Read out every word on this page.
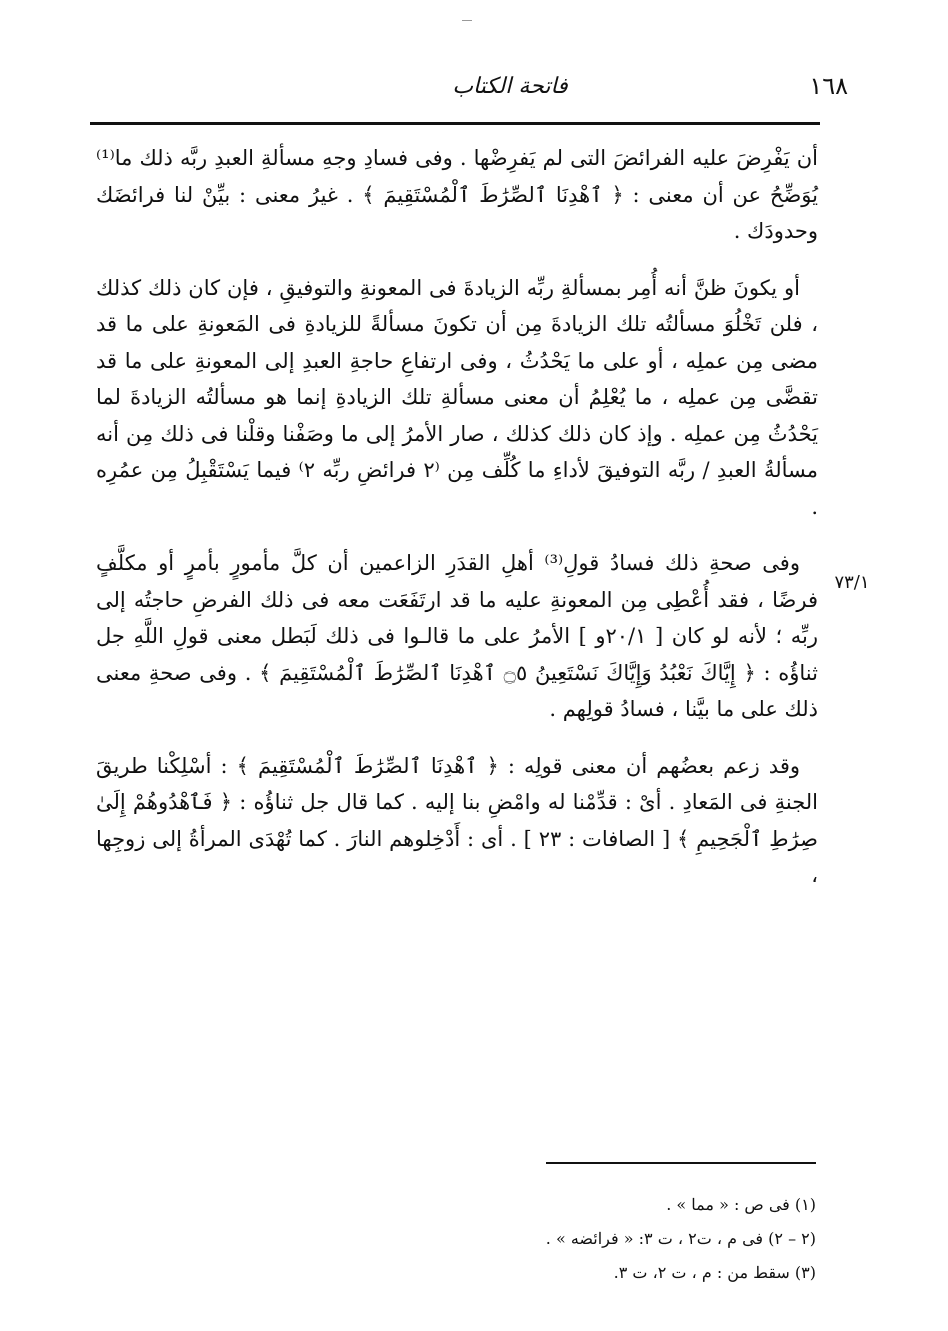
١٦٨
فاتحة الكتاب

أن يَفْرِضَ عليه الفرائضَ التى لم يَفرِضْها . وفى فسادِ وجهِ مسألةِ العبدِ ربَّه ذلك ما⁽¹⁾ يُوَضِّحُ عن أن معنى : ﴿ ٱهْدِنَا ٱلصِّرَٰطَ ٱلْمُسْتَقِيمَ ﴾ . غيرُ معنى : بيِّنْ لنا فرائضَك وحدودَك .

أو يكونَ ظنَّ أنه أُمِر بمسألةِ ربِّه الزيادةَ فى المعونةِ والتوفيقِ ، فإن كان ذلك كذلك ، فلن تَخْلُوَ مسألتُه تلك الزيادةَ مِن أن تكونَ مسألةً للزيادةِ فى المَعونةِ على ما قد مضى مِن عملِه ، أو على ما يَحْدُثُ ، وفى ارتفاعِ حاجةِ العبدِ إلى المعونةِ على ما قد تقضَّى مِن عملِه ، ما يُعْلِمُ أن معنى مسألةِ تلك الزيادةِ إنما هو مسألتُه الزيادةَ لما يَحْدُثُ مِن عملِه . وإذ كان ذلك كذلك ، صار الأمرُ إلى ما وصَفْنا وقلْنا فى ذلك مِن أنه مسألةُ العبدِ / ربَّه التوفيقَ لأداءِ ما كُلِّف مِن ⁽٢ فرائضِ ربِّه ٢⁾ فيما يَسْتَقْبِلُ مِن عمُرِه .

وفى صحةِ ذلك فسادُ قولِ⁽³⁾ أهلِ القدَرِ الزاعمين أن كلَّ مأمورٍ بأمرٍ أو مكلَّفٍ فرضًا ، فقد أُعْطِى مِن المعونةِ عليه ما قد ارتَفَعَت معه فى ذلك الفرضِ حاجتُه إلى ربِّه ؛ لأنه لو كان [ ٢٠/١و ] الأمرُ على ما قالـوا فى ذلك لَبَطل معنى قولِ اللَّهِ جل ثناؤُه : ﴿ إِيَّاكَ نَعْبُدُ وَإِيَّاكَ نَسْتَعِينُ ۝٥ ٱهْدِنَا ٱلصِّرَٰطَ ٱلْمُسْتَقِيمَ ﴾ . وفى صحةِ معنى ذلك على ما بيَّنا ، فسادُ قولِهم .

وقد زعم بعضُهم أن معنى قولِه : ﴿ ٱهْدِنَا ٱلصِّرَٰطَ ٱلْمُسْتَقِيمَ ﴾ : أسْلِكْنا طريقَ الجنةِ فى المَعادِ . أىْ : قدِّمْنا له وامْضِ بنا إليه . كما قال جل ثناؤُه : ﴿ فَٱهْدُوهُمْ إِلَىٰ صِرَٰطِ ٱلْجَحِيمِ ﴾ [ الصافات : ٢٣ ] . أى : أَدْخِلوهم النارَ . كما تُهْدَى المرأةُ إلى زوجِها ،

٧٣/١

(١) فى ص : « مما » .

(٢ – ٢) فى م ، ت٢ ، ت ٣: « فرائضه » .

(٣) سقط من : م ، ت ٢، ت ٣.
